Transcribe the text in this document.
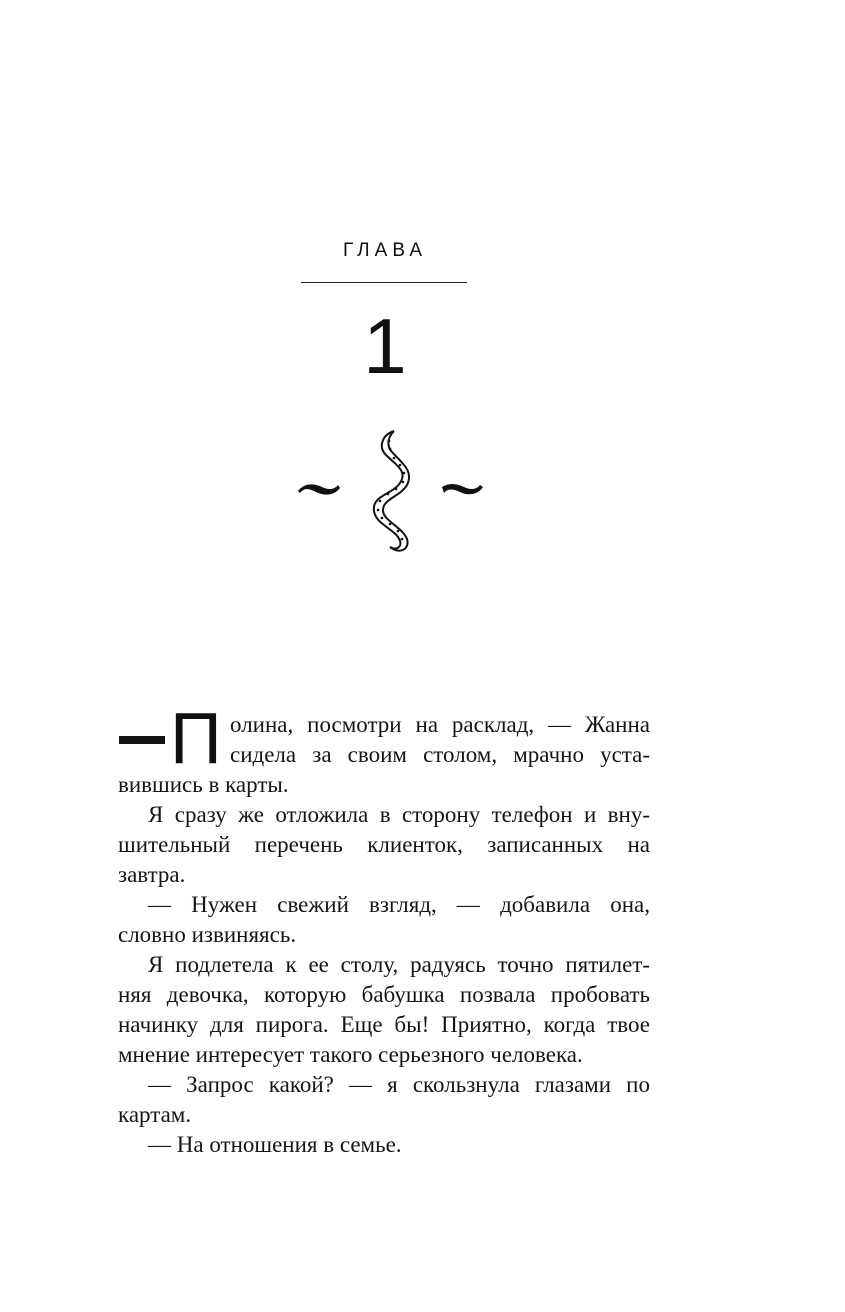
ГЛАВА
1
П олина, посмотри на расклад, — Жанна
сидела за своим столом, мрачно уста-
вившись в карты.
Я сразу же отложила в сторону телефон и вну-
шительный перечень клиенток, записанных на
завтра.
— Нужен свежий взгляд, — добавила она,
словно извиняясь.
Я подлетела к ее столу, радуясь точно пятилет-
няя девочка, которую бабушка позвала пробовать
начинку для пирога. Еще бы! Приятно, когда твое
мнение интересует такого серьезного человека.
— Запрос какой? — я скользнула глазами по
картам.
— На отношения в семье.
